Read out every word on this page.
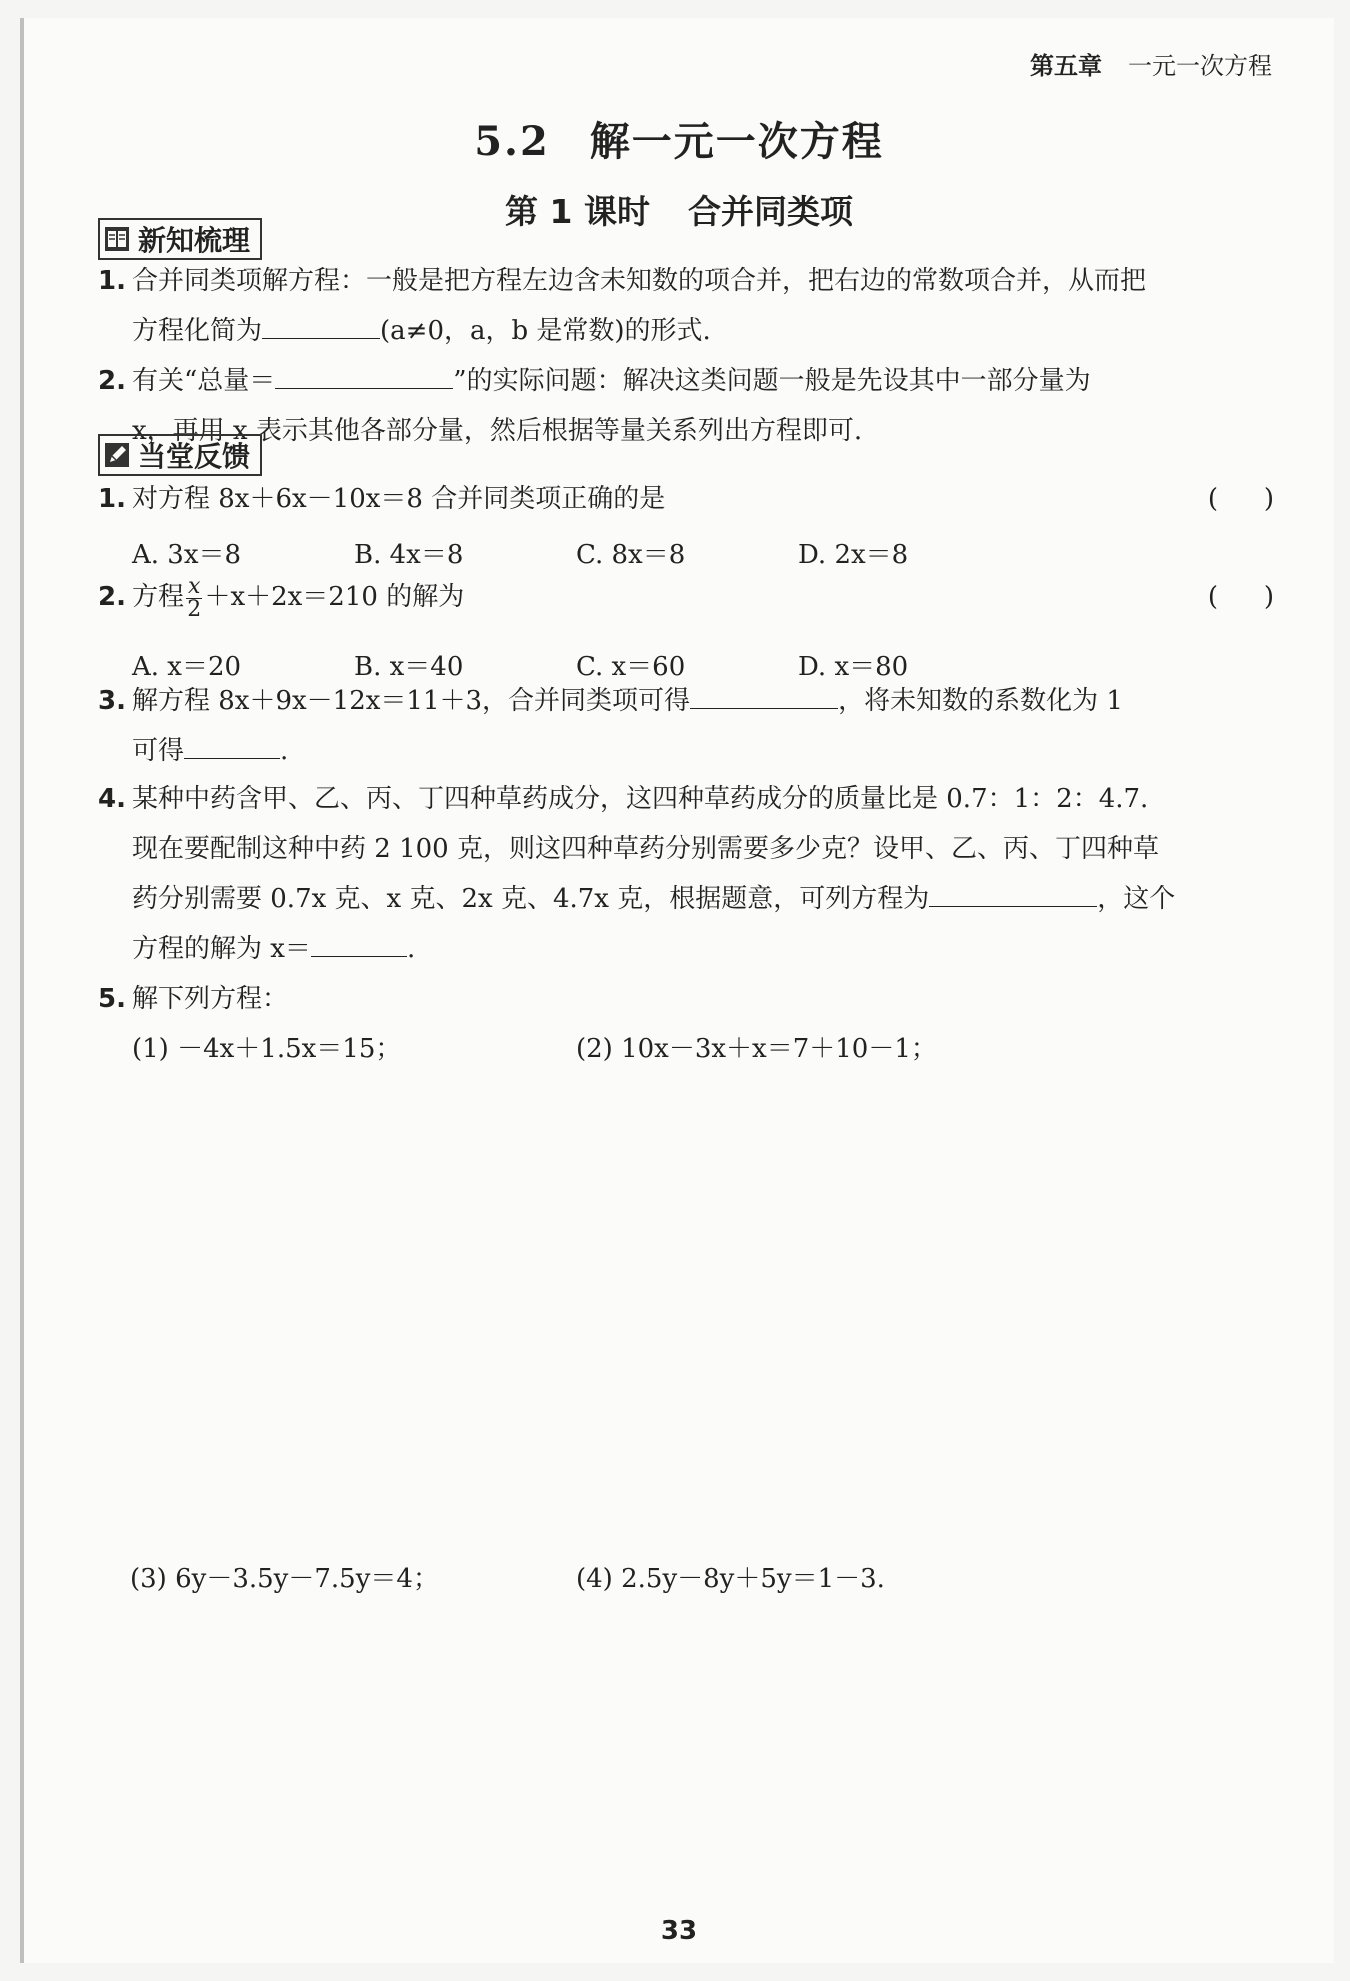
第五章 一元一次方程
5.2 解一元一次方程
第 1 课时 合并同类项
新知梳理
1. 合并同类项解方程：一般是把方程左边含未知数的项合并，把右边的常数项合并，从而把
方程化简为	(a≠0，a，b 是常数)的形式.
2. 有关“总量＝	”的实际问题：解决这类问题一般是先设其中一部分量为
x，再用 x 表示其他各部分量，然后根据等量关系列出方程即可.
当堂反馈
1. 对方程 8x＋6x－10x＝8 合并同类项正确的是	( )
A. 3x＝8	B. 4x＝8	C. 8x＝8	D. 2x＝8
2. 方程 $\frac{x}{2} +x+2x=210$ 的解为	( )
A. x＝20	B. x＝40	C. x＝60	D. x＝80
3. 解方程 8x＋9x－12x＝11＋3，合并同类项可得	，将未知数的系数化为 1
可得	.
4. 某种中药含甲、乙、丙、丁四种草药成分，这四种草药成分的质量比是 0.7：1：2：4.7.
现在要配制这种中药 2 100 克，则这四种草药分别需要多少克？设甲、乙、丙、丁四种草
药分别需要 0.7x 克、x 克、2x 克、4.7x 克，根据题意，可列方程为	，这个
方程的解为 x＝	.
5. 解下列方程：
(1) －4x＋1.5x＝15；	(2) 10x－3x＋x＝7＋10－1；
(3) 6y－3.5y－7.5y＝4；	(4) 2.5y－8y＋5y＝1－3.
33
